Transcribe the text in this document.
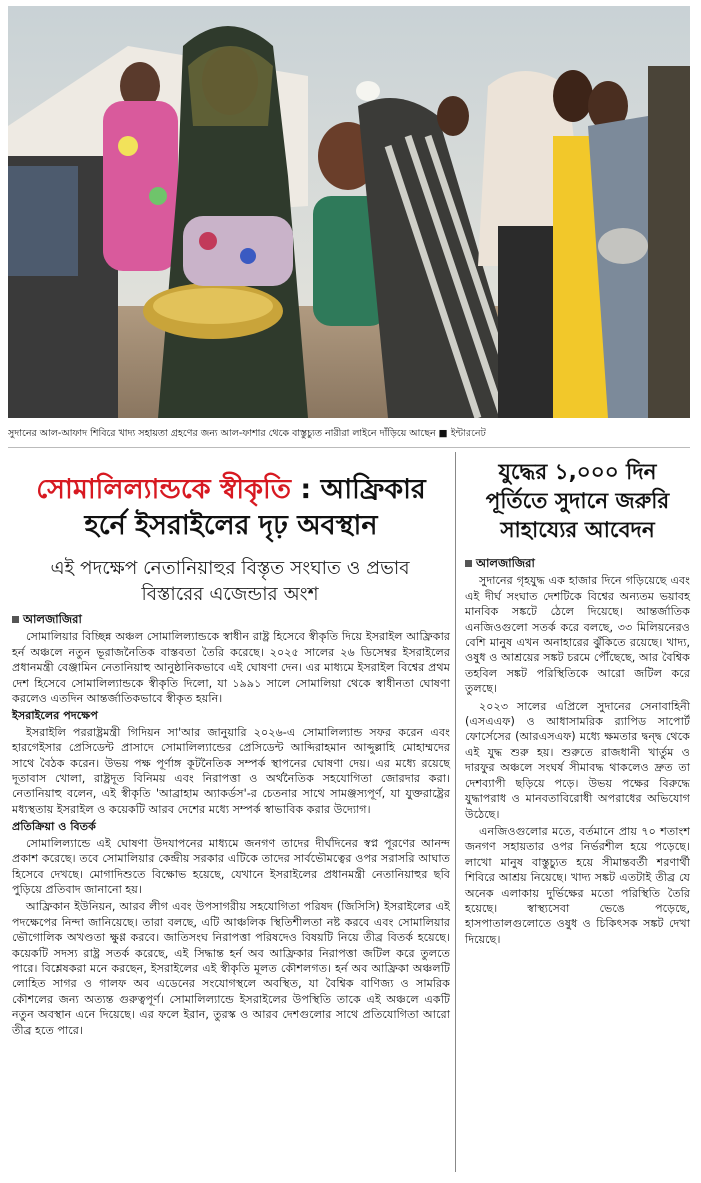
সুদানের আল-আফাদ শিবিরে খাদ্য সহায়তা গ্রহণের জন্য আল-ফাশার থেকে বাস্তুচ্যুত নারীরা লাইনে দাঁড়িয়ে আছেন ■ ইন্টারনেট
সোমালিল্যান্ডকে স্বীকৃতি : আফ্রিকার হর্নে ইসরাইলের দৃঢ় অবস্থান
এই পদক্ষেপ নেতানিয়াহুর বিস্তৃত সংঘাত ও প্রভাব বিস্তারের এজেন্ডার অংশ
আলজাজিরা

সোমালিয়ার বিচ্ছিন্ন অঞ্চল সোমালিল্যান্ডকে স্বাধীন রাষ্ট্র হিসেবে স্বীকৃতি দিয়ে ইসরাইল আফ্রিকার হর্ন অঞ্চলে নতুন ভূরাজনৈতিক বাস্তবতা তৈরি করেছে। ২০২৫ সালের ২৬ ডিসেম্বর ইসরাইলের প্রধানমন্ত্রী বেঞ্জামিন নেতানিয়াহু আনুষ্ঠানিকভাবে এই ঘোষণা দেন। এর মাধ্যমে ইসরাইল বিশ্বের প্রথম দেশ হিসেবে সোমালিল্যান্ডকে স্বীকৃতি দিলো, যা ১৯৯১ সালে সোমালিয়া থেকে স্বাধীনতা ঘোষণা করলেও এতদিন আন্তর্জাতিকভাবে স্বীকৃত হয়নি।

ইসরাইলের পদক্ষেপ

ইসরাইলি পররাষ্ট্রমন্ত্রী গিদিয়ন সা'আর জানুয়ারি ২০২৬-এ সোমালিল্যান্ড সফর করেন এবং হারগেইসার প্রেসিডেন্ট প্রাসাদে সোমালিল্যান্ডের প্রেসিডেন্ট আব্দিরাহমান আব্দুল্লাহি মোহাম্মদের সাথে বৈঠক করেন। উভয় পক্ষ পূর্ণাঙ্গ কূটনৈতিক সম্পর্ক স্থাপনের ঘোষণা দেয়। এর মধ্যে রয়েছে দূতাবাস খোলা, রাষ্ট্রদূত বিনিময় এবং নিরাপত্তা ও অর্থনৈতিক সহযোগিতা জোরদার করা। নেতানিয়াহু বলেন, এই স্বীকৃতি 'আব্রাহাম অ্যাকর্ডস'-র চেতনার সাথে সামঞ্জস্যপূর্ণ, যা যুক্তরাষ্ট্রের মধ্যস্থতায় ইসরাইল ও কয়েকটি আরব দেশের মধ্যে সম্পর্ক স্বাভাবিক করার উদ্যোগ।

প্রতিক্রিয়া ও বিতর্ক

সোমালিল্যান্ডে এই ঘোষণা উদযাপনের মাধ্যমে জনগণ তাদের দীর্ঘদিনের স্বপ্ন পূরণের আনন্দ প্রকাশ করেছে। তবে সোমালিয়ার কেন্দ্রীয় সরকার এটিকে তাদের সার্বভৌমত্বের ওপর সরাসরি আঘাত হিসেবে দেখছে। মোগাদিশুতে বিক্ষোভ হয়েছে, যেখানে ইসরাইলের প্রধানমন্ত্রী নেতানিয়াহুর ছবি পুড়িয়ে প্রতিবাদ জানানো হয়।

আফ্রিকান ইউনিয়ন, আরব লীগ এবং উপসাগরীয় সহযোগিতা পরিষদ (জিসিসি) ইসরাইলের এই পদক্ষেপের নিন্দা জানিয়েছে। তারা বলছে, এটি আঞ্চলিক স্থিতিশীলতা নষ্ট করবে এবং সোমালিয়ার ভৌগোলিক অখণ্ডতা ক্ষুণ্ণ করবে। জাতিসংঘ নিরাপত্তা পরিষদেও বিষয়টি নিয়ে তীব্র বিতর্ক হয়েছে। কয়েকটি সদস্য রাষ্ট্র সতর্ক করেছে, এই সিদ্ধান্ত হর্ন অব আফ্রিকার নিরাপত্তা জটিল করে তুলতে পারে। বিশ্লেষকরা মনে করছেন, ইসরাইলের এই স্বীকৃতি মূলত কৌশলগত। হর্ন অব আফ্রিকা অঞ্চলটি লোহিত সাগর ও গালফ অব এডেনের সংযোগস্থলে অবস্থিত, যা বৈশ্বিক বাণিজ্য ও সামরিক কৌশলের জন্য অত্যন্ত গুরুত্বপূর্ণ। সোমালিল্যান্ডে ইসরাইলের উপস্থিতি তাকে এই অঞ্চলে একটি নতুন অবস্থান এনে দিয়েছে। এর ফলে ইরান, তুরস্ক ও আরব দেশগুলোর সাথে প্রতিযোগিতা আরো তীব্র হতে পারে।

যুদ্ধের ১,০০০ দিন পূর্তিতে সুদানে জরুরি সাহায্যের আবেদন
আলজাজিরা

সুদানের গৃহযুদ্ধ এক হাজার দিনে গড়িয়েছে এবং এই দীর্ঘ সংঘাত দেশটিকে বিশ্বের অন্যতম ভয়াবহ মানবিক সঙ্কটে ঠেলে দিয়েছে। আন্তর্জাতিক এনজিওগুলো সতর্ক করে বলছে, ৩৩ মিলিয়নেরও বেশি মানুষ এখন অনাহারের ঝুঁকিতে রয়েছে। খাদ্য, ওষুধ ও আশ্রয়ের সঙ্কট চরমে পৌঁছেছে, আর বৈশ্বিক তহবিল সঙ্কট পরিস্থিতিকে আরো জটিল করে তুলছে।

২০২৩ সালের এপ্রিলে সুদানের সেনাবাহিনী (এসএএফ) ও আধাসামরিক র‌্যাপিড সাপোর্ট ফোর্সেসের (আরএসএফ) মধ্যে ক্ষমতার দ্বন্দ্ব থেকে এই যুদ্ধ শুরু হয়। শুরুতে রাজধানী খার্তুম ও দারফুর অঞ্চলে সংঘর্ষ সীমাবদ্ধ থাকলেও দ্রুত তা দেশব্যাপী ছড়িয়ে পড়ে। উভয় পক্ষের বিরুদ্ধে যুদ্ধাপরাধ ও মানবতাবিরোধী অপরাধের অভিযোগ উঠেছে।

এনজিওগুলোর মতে, বর্তমানে প্রায় ৭০ শতাংশ জনগণ সহায়তার ওপর নির্ভরশীল হয়ে পড়েছে। লাখো মানুষ বাস্তুচ্যুত হয়ে সীমান্তবর্তী শরণার্থী শিবিরে আশ্রয় নিয়েছে। খাদ্য সঙ্কট এতটাই তীব্র যে অনেক এলাকায় দুর্ভিক্ষের মতো পরিস্থিতি তৈরি হয়েছে। স্বাস্থ্যসেবা ভেঙে পড়েছে, হাসপাতালগুলোতে ওষুধ ও চিকিৎসক সঙ্কট দেখা দিয়েছে।
